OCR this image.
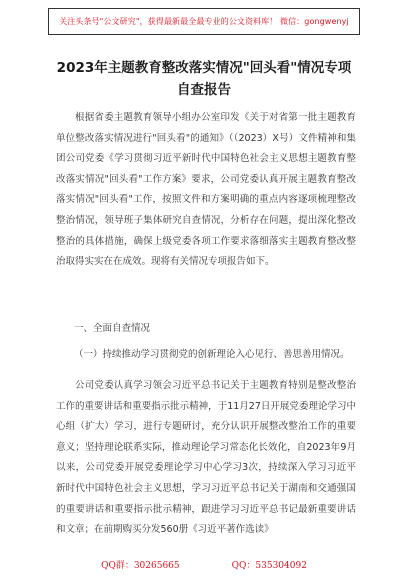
关注头条号"公文研究"，获得最新最全最专业的公文资料库！ 微信：gongwenyj
2023年主题教育整改落实情况"回头看"情况专项
自查报告

根据省委主题教育领导小组办公室印发《关于对省第一批主题教育单位整改落实情况进行"回头看"的通知》（（2023）X号）文件精神和集团公司党委《学习贯彻习近平新时代中国特色社会主义思想主题教育整改落实情况"回头看"工作方案》要求，公司党委认真开展主题教育整改落实情况"回头看"工作，按照文件和方案明确的重点内容逐项梳理整改整治情况，领导班子集体研究自查情况，分析存在问题，提出深化整改整治的具体措施，确保上级党委各项工作要求落细落实主题教育整改整治取得实实在在成效。现将有关情况专项报告如下。

一、全面自查情况
（一）持续推动学习贯彻党的创新理论入心见行、善思善用情况。

公司党委认真学习领会习近平总书记关于主题教育特别是整改整治工作的重要讲话和重要指示批示精神，于11月27日开展党委理论学习中心组（扩大）学习，进行专题研讨，充分认识开展整改整治工作的重要意义；坚持理论联系实际，推动理论学习常态化长效化，自2023年9月以来，公司党委开展党委理论学习中心学习3次，持续深入学习习近平新时代中国特色社会主义思想，学习习近平总书记关于湖南和交通强国的重要讲话和重要指示批示精神，跟进学习习近平总书记最新重要讲话和文章；在前期购买分发560册《习近平著作选读》

QQ群：30265665	QQ：535304092
